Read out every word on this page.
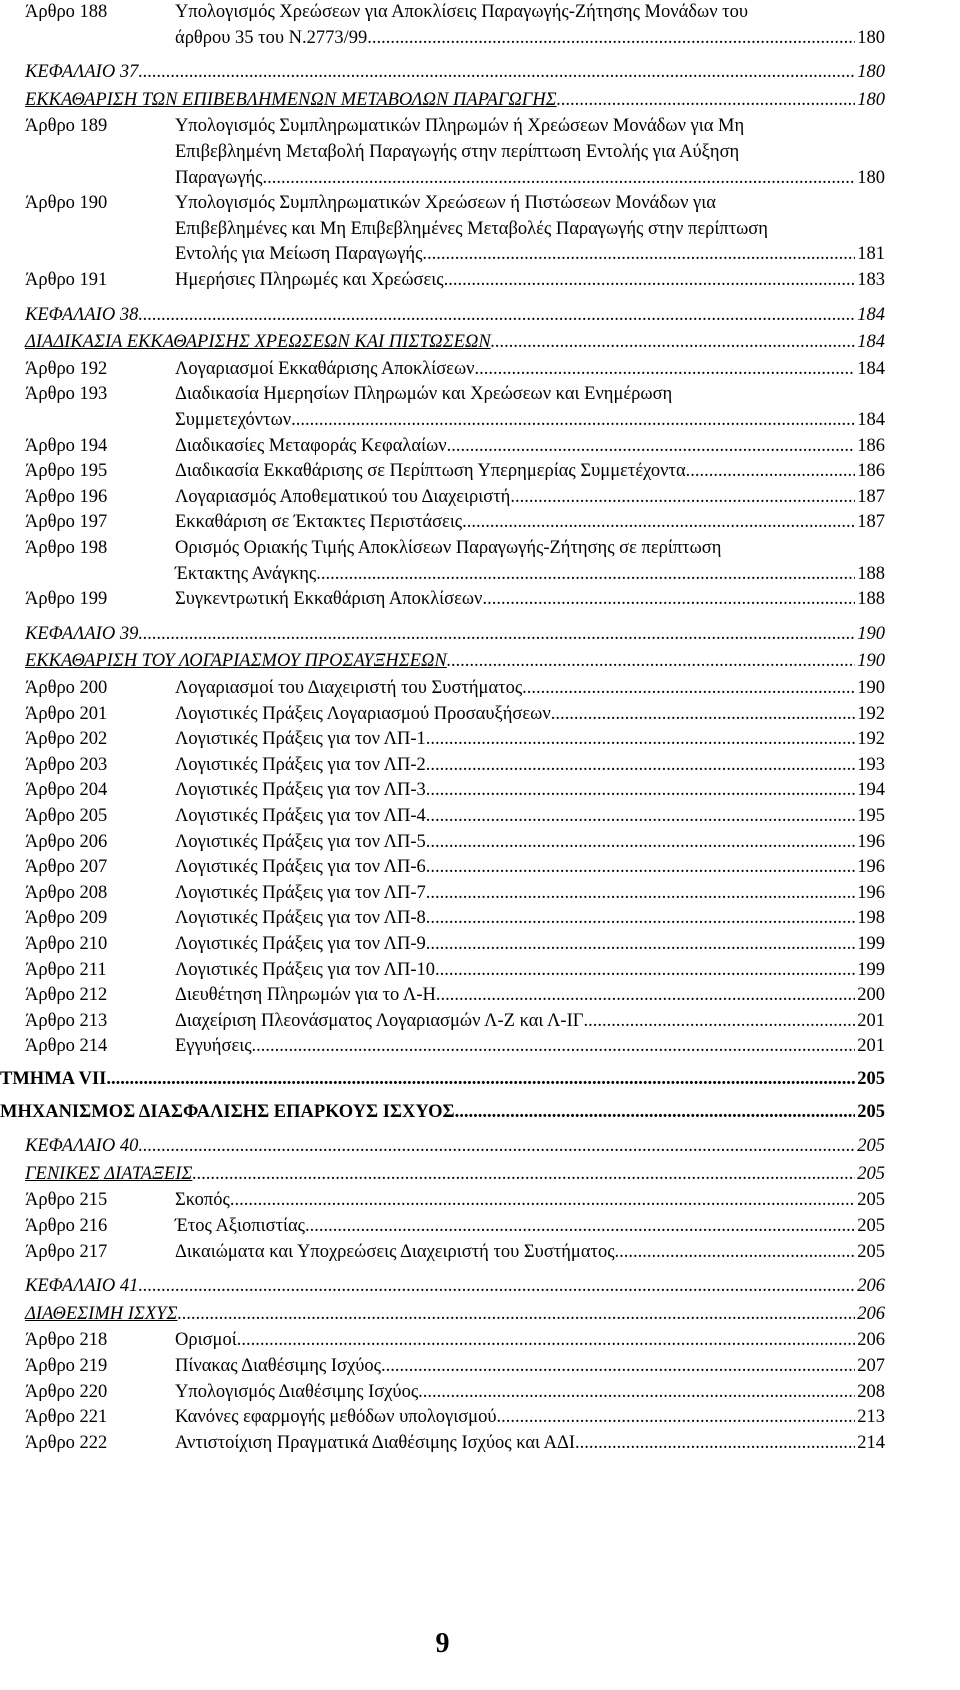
Άρθρο 188	Υπολογισμός Χρεώσεων για Αποκλίσεις Παραγωγής-Ζήτησης Μονάδων του
άρθρου 35 του Ν.2773/99 .....	180
ΚΕΦΑΛΑΙΟ 37. .....	180
ΕΚΚΑΘΑΡΙΣΗ ΤΩΝ ΕΠΙΒΕΒΛΗΜΕΝΩΝ ΜΕΤΑΒΟΛΩΝ ΠΑΡΑΓΩΓΗΣ .....	180
Άρθρο 189	Υπολογισμός Συμπληρωματικών Πληρωμών ή Χρεώσεων Μονάδων για Μη
Επιβεβλημένη Μεταβολή Παραγωγής στην περίπτωση Εντολής για Αύξηση
Παραγωγής .....	180
Άρθρο 190	Υπολογισμός Συμπληρωματικών Χρεώσεων ή Πιστώσεων Μονάδων για
Επιβεβλημένες και Μη Επιβεβλημένες Μεταβολές Παραγωγής στην περίπτωση
Εντολής για Μείωση Παραγωγής .....	181
Άρθρο 191	Ημερήσιες Πληρωμές και Χρεώσεις .....	183
ΚΕΦΑΛΑΙΟ 38. .....	184
ΔΙΑΔΙΚΑΣΙΑ ΕΚΚΑΘΑΡΙΣΗΣ ΧΡΕΩΣΕΩΝ ΚΑΙ ΠΙΣΤΩΣΕΩΝ .....	184
Άρθρο 192	Λογαριασμοί Εκκαθάρισης Αποκλίσεων .....	184
Άρθρο 193	Διαδικασία Ημερησίων Πληρωμών και Χρεώσεων και Ενημέρωση
Συμμετεχόντων .....	184
Άρθρο 194	Διαδικασίες Μεταφοράς Κεφαλαίων .....	186
Άρθρο 195	Διαδικασία Εκκαθάρισης σε Περίπτωση Υπερημερίας Συμμετέχοντα .....	186
Άρθρο 196	Λογαριασμός Αποθεματικού του Διαχειριστή .....	187
Άρθρο 197	Εκκαθάριση σε Έκτακτες Περιστάσεις .....	187
Άρθρο 198	Ορισμός Οριακής Τιμής Αποκλίσεων Παραγωγής-Ζήτησης σε περίπτωση
Έκτακτης Ανάγκης .....	188
Άρθρο 199	Συγκεντρωτική Εκκαθάριση Αποκλίσεων .....	188
ΚΕΦΑΛΑΙΟ 39. .....	190
ΕΚΚΑΘΑΡΙΣΗ ΤΟΥ ΛΟΓΑΡΙΑΣΜΟΥ ΠΡΟΣΑΥΞΗΣΕΩΝ .....	190
Άρθρο 200	Λογαριασμοί του Διαχειριστή του Συστήματος .....	190
Άρθρο 201	Λογιστικές Πράξεις Λογαριασμού Προσαυξήσεων .....	192
Άρθρο 202	Λογιστικές Πράξεις για τον ΛΠ-1 .....	192
Άρθρο 203	Λογιστικές Πράξεις για τον ΛΠ-2 .....	193
Άρθρο 204	Λογιστικές Πράξεις για τον ΛΠ-3 .....	194
Άρθρο 205	Λογιστικές Πράξεις για τον ΛΠ-4 .....	195
Άρθρο 206	Λογιστικές Πράξεις για τον ΛΠ-5 .....	196
Άρθρο 207	Λογιστικές Πράξεις για τον ΛΠ-6 .....	196
Άρθρο 208	Λογιστικές Πράξεις για τον ΛΠ-7 .....	196
Άρθρο 209	Λογιστικές Πράξεις για τον ΛΠ-8 .....	198
Άρθρο 210	Λογιστικές Πράξεις για τον ΛΠ-9 .....	199
Άρθρο 211	Λογιστικές Πράξεις για τον ΛΠ-10 .....	199
Άρθρο 212	Διευθέτηση Πληρωμών για το Λ-Η .....	200
Άρθρο 213	Διαχείριση Πλεονάσματος Λογαριασμών Λ-Ζ και Λ-ΙΓ .....	201
Άρθρο 214	Εγγυήσεις .....	201
ΤΜΗΜΑ VII .....	205
ΜΗΧΑΝΙΣΜΟΣ ΔΙΑΣΦΑΛΙΣΗΣ ΕΠΑΡΚΟΥΣ ΙΣΧΥΟΣ .....	205
ΚΕΦΑΛΑΙΟ 40. .....	205
ΓΕΝΙΚΕΣ ΔΙΑΤΑΞΕΙΣ .....	205
Άρθρο 215	Σκοπός .....	205
Άρθρο 216	Έτος Αξιοπιστίας .....	205
Άρθρο 217	Δικαιώματα και Υποχρεώσεις Διαχειριστή του Συστήματος .....	205
ΚΕΦΑΛΑΙΟ 41. .....	206
ΔΙΑΘΕΣΙΜΗ ΙΣΧΥΣ .....	206
Άρθρο 218	Ορισμοί .....	206
Άρθρο 219	Πίνακας Διαθέσιμης Ισχύος .....	207
Άρθρο 220	Υπολογισμός Διαθέσιμης Ισχύος .....	208
Άρθρο 221	Κανόνες εφαρμογής μεθόδων υπολογισμού .....	213
Άρθρο 222	Αντιστοίχιση Πραγματικά Διαθέσιμης Ισχύος και ΑΔΙ .....	214
9
